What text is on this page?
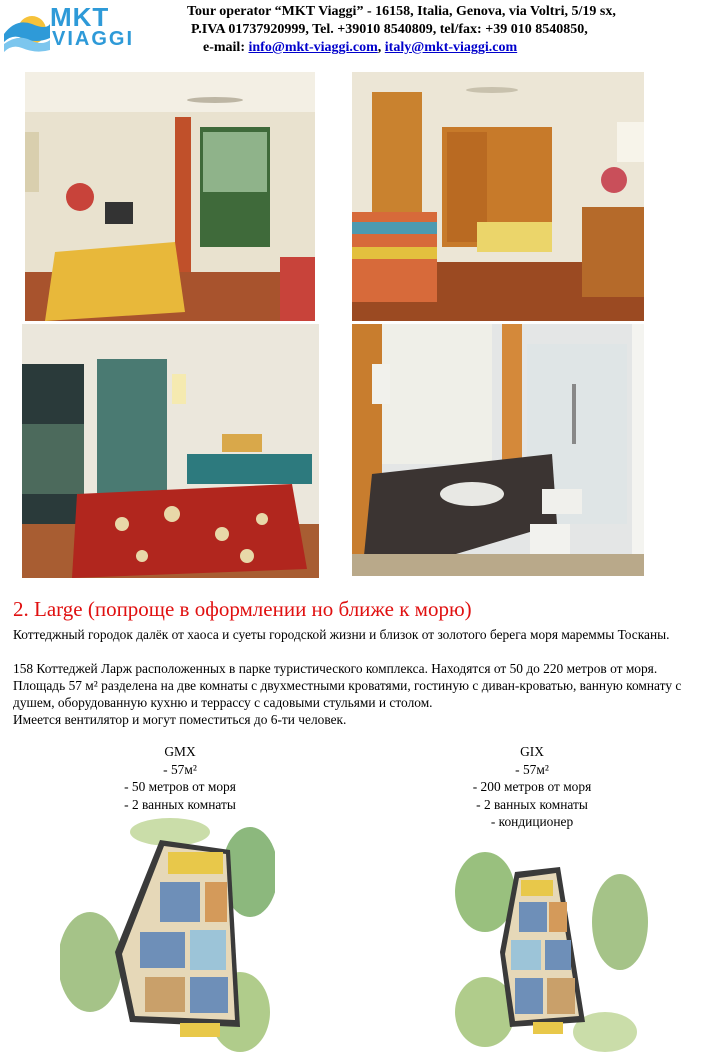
MKT
VIAGGI
Tour operator “MKT Viaggi” - 16158, Italia, Genova, via Voltri, 5/19 sx,
P.IVA 01737920999, Tel. +39010 8540809, tel/fax: +39 010 8540850,
e-mail: info@mkt-viaggi.com, italy@mkt-viaggi.com
2. Large (попроще в оформлении но ближе к морю)
Коттеджный городок далёк от хаоса и суеты городской жизни и близок от золотого берега моря мареммы Тосканы.
158 Коттеджей Ларж расположенных в парке туристического комплекса. Находятся от 50 до 220 метров от моря. Площадь 57 м² разделена на две комнаты с двухместными кроватями, гостиную с диван-кроватью, ванную комнату с душем, оборудованную кухню и террассу с садовыми стульями и столом.
Имеется вентилятор и могут поместиться до 6-ти человек.
GMX
- 57м²
- 50 метров от моря
- 2 ванных комнаты
GIX
- 57м²
- 200 метров от моря
- 2 ванных комнаты
- кондиционер
